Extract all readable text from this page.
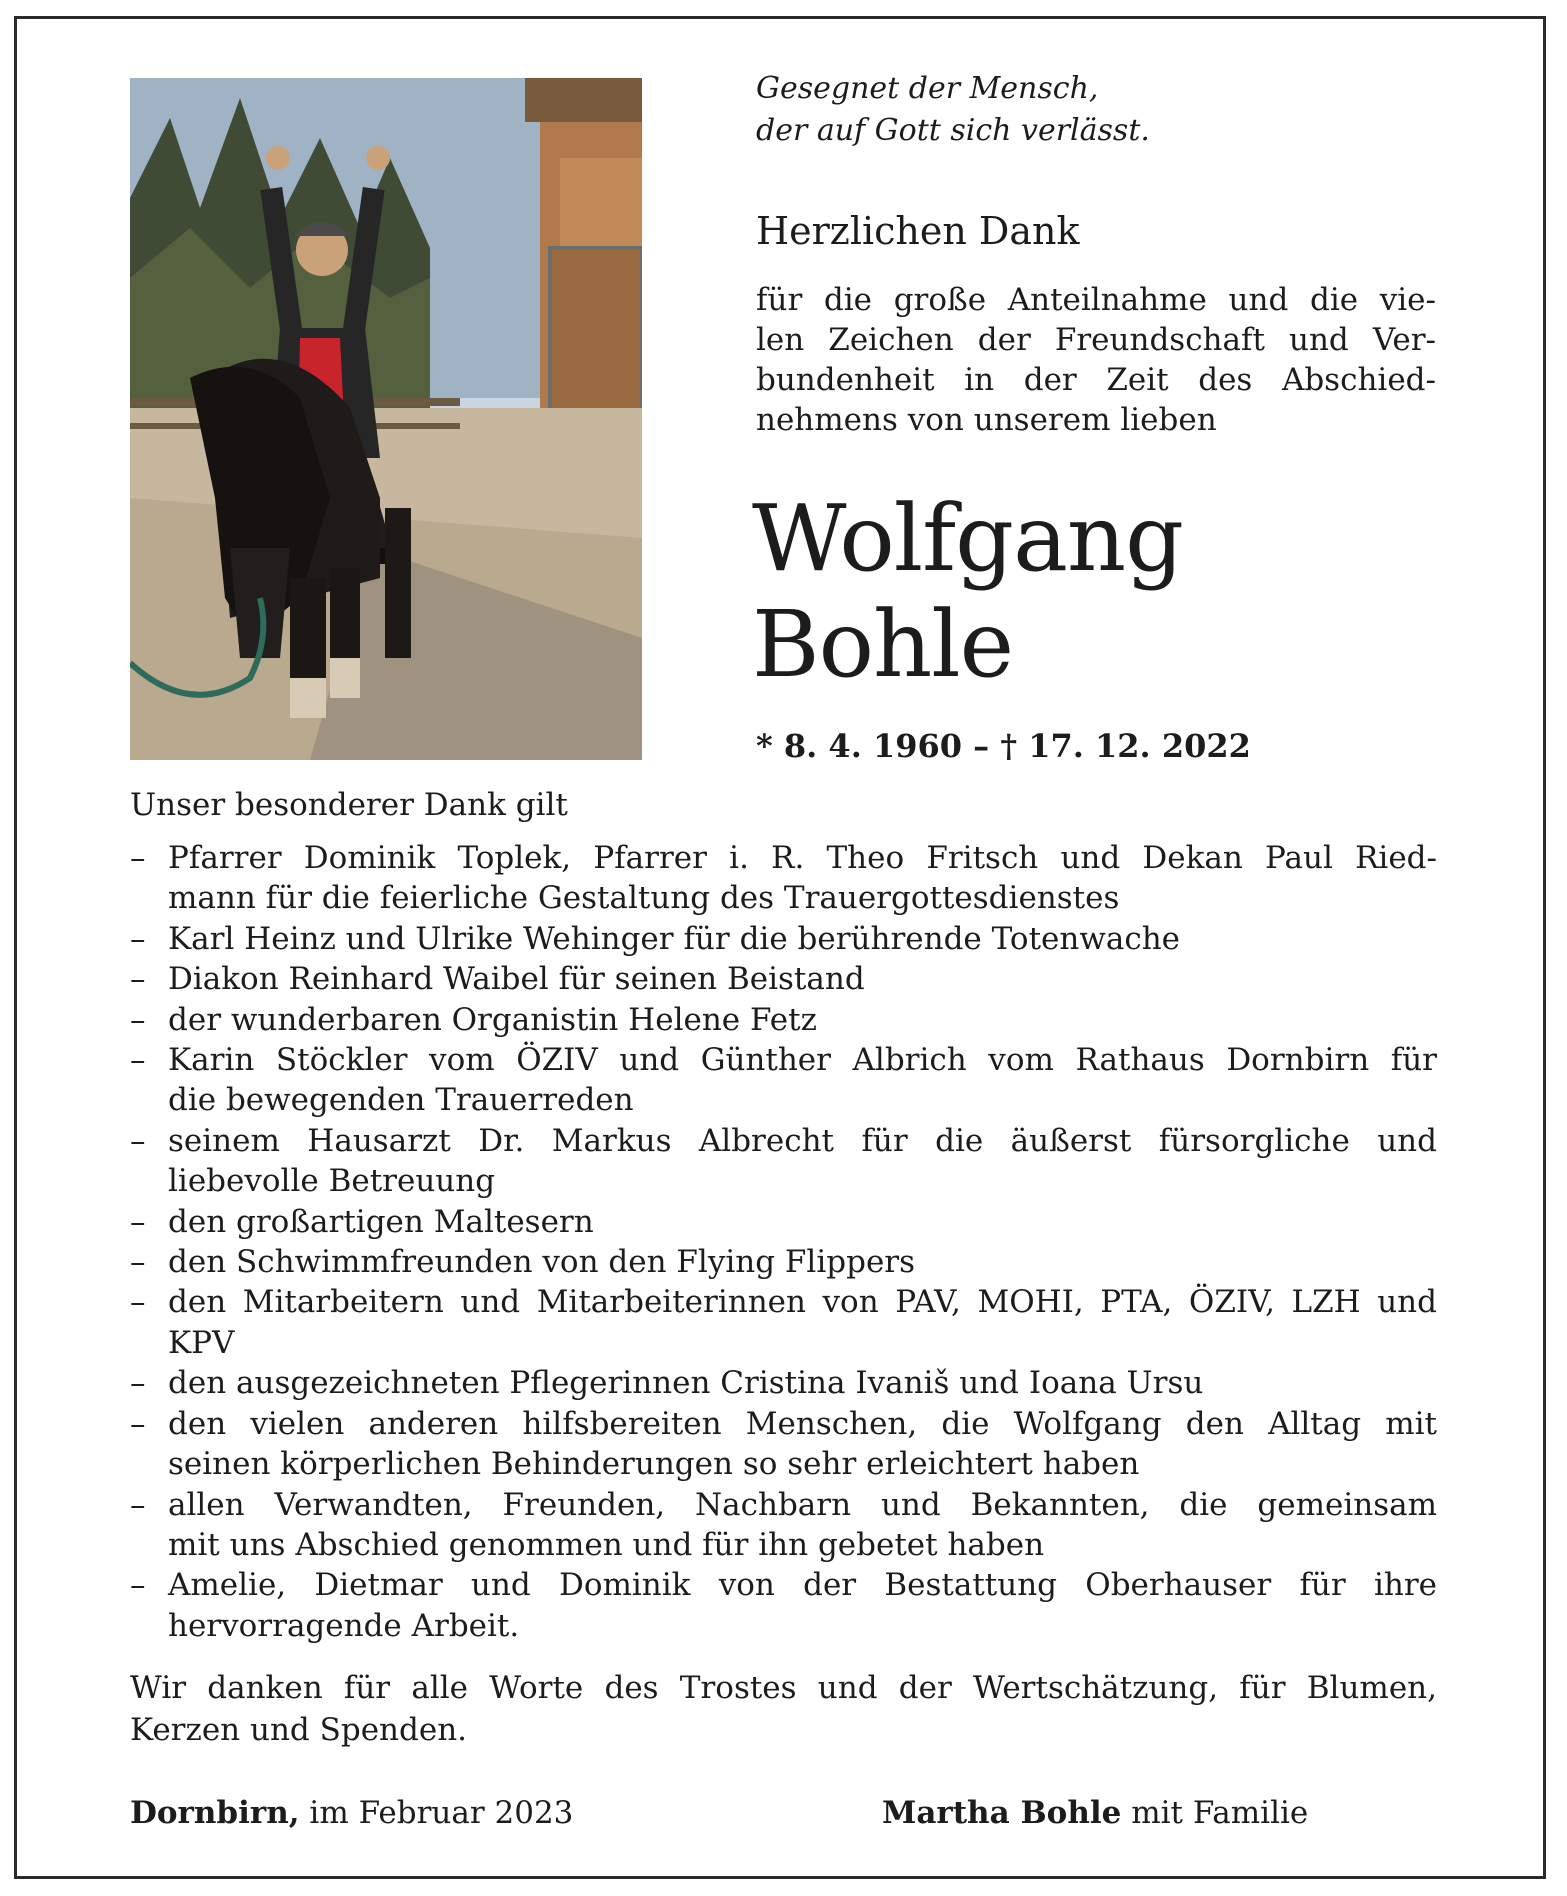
Gesegnet der Mensch,
der auf Gott sich verlässt.
Herzlichen Dank
für die große Anteilnahme und die vie-
len Zeichen der Freundschaft und Ver-
bundenheit in der Zeit des Abschied-
nehmens von unserem lieben
Wolfgang
Bohle
* 8. 4. 1960 – † 17. 12. 2022
Unser besonderer Dank gilt
– Pfarrer Dominik Toplek, Pfarrer i. R. Theo Fritsch und Dekan Paul Ried-
mann für die feierliche Gestaltung des Trauergottesdienstes
– Karl Heinz und Ulrike Wehinger für die berührende Totenwache
– Diakon Reinhard Waibel für seinen Beistand
– der wunderbaren Organistin Helene Fetz
– Karin Stöckler vom ÖZIV und Günther Albrich vom Rathaus Dornbirn für
die bewegenden Trauerreden
– seinem Hausarzt Dr. Markus Albrecht für die äußerst fürsorgliche und
liebevolle Betreuung
– den großartigen Maltesern
– den Schwimmfreunden von den Flying Flippers
– den Mitarbeitern und Mitarbeiterinnen von PAV, MOHI, PTA, ÖZIV, LZH und
KPV
– den ausgezeichneten Pflegerinnen Cristina Ivaniš und Ioana Ursu
– den vielen anderen hilfsbereiten Menschen, die Wolfgang den Alltag mit
seinen körperlichen Behinderungen so sehr erleichtert haben
– allen Verwandten, Freunden, Nachbarn und Bekannten, die gemeinsam
mit uns Abschied genommen und für ihn gebetet haben
– Amelie, Dietmar und Dominik von der Bestattung Oberhauser für ihre
hervorragende Arbeit.
Wir danken für alle Worte des Trostes und der Wertschätzung, für Blumen,
Kerzen und Spenden.
Dornbirn, im Februar 2023	Martha Bohle mit Familie
